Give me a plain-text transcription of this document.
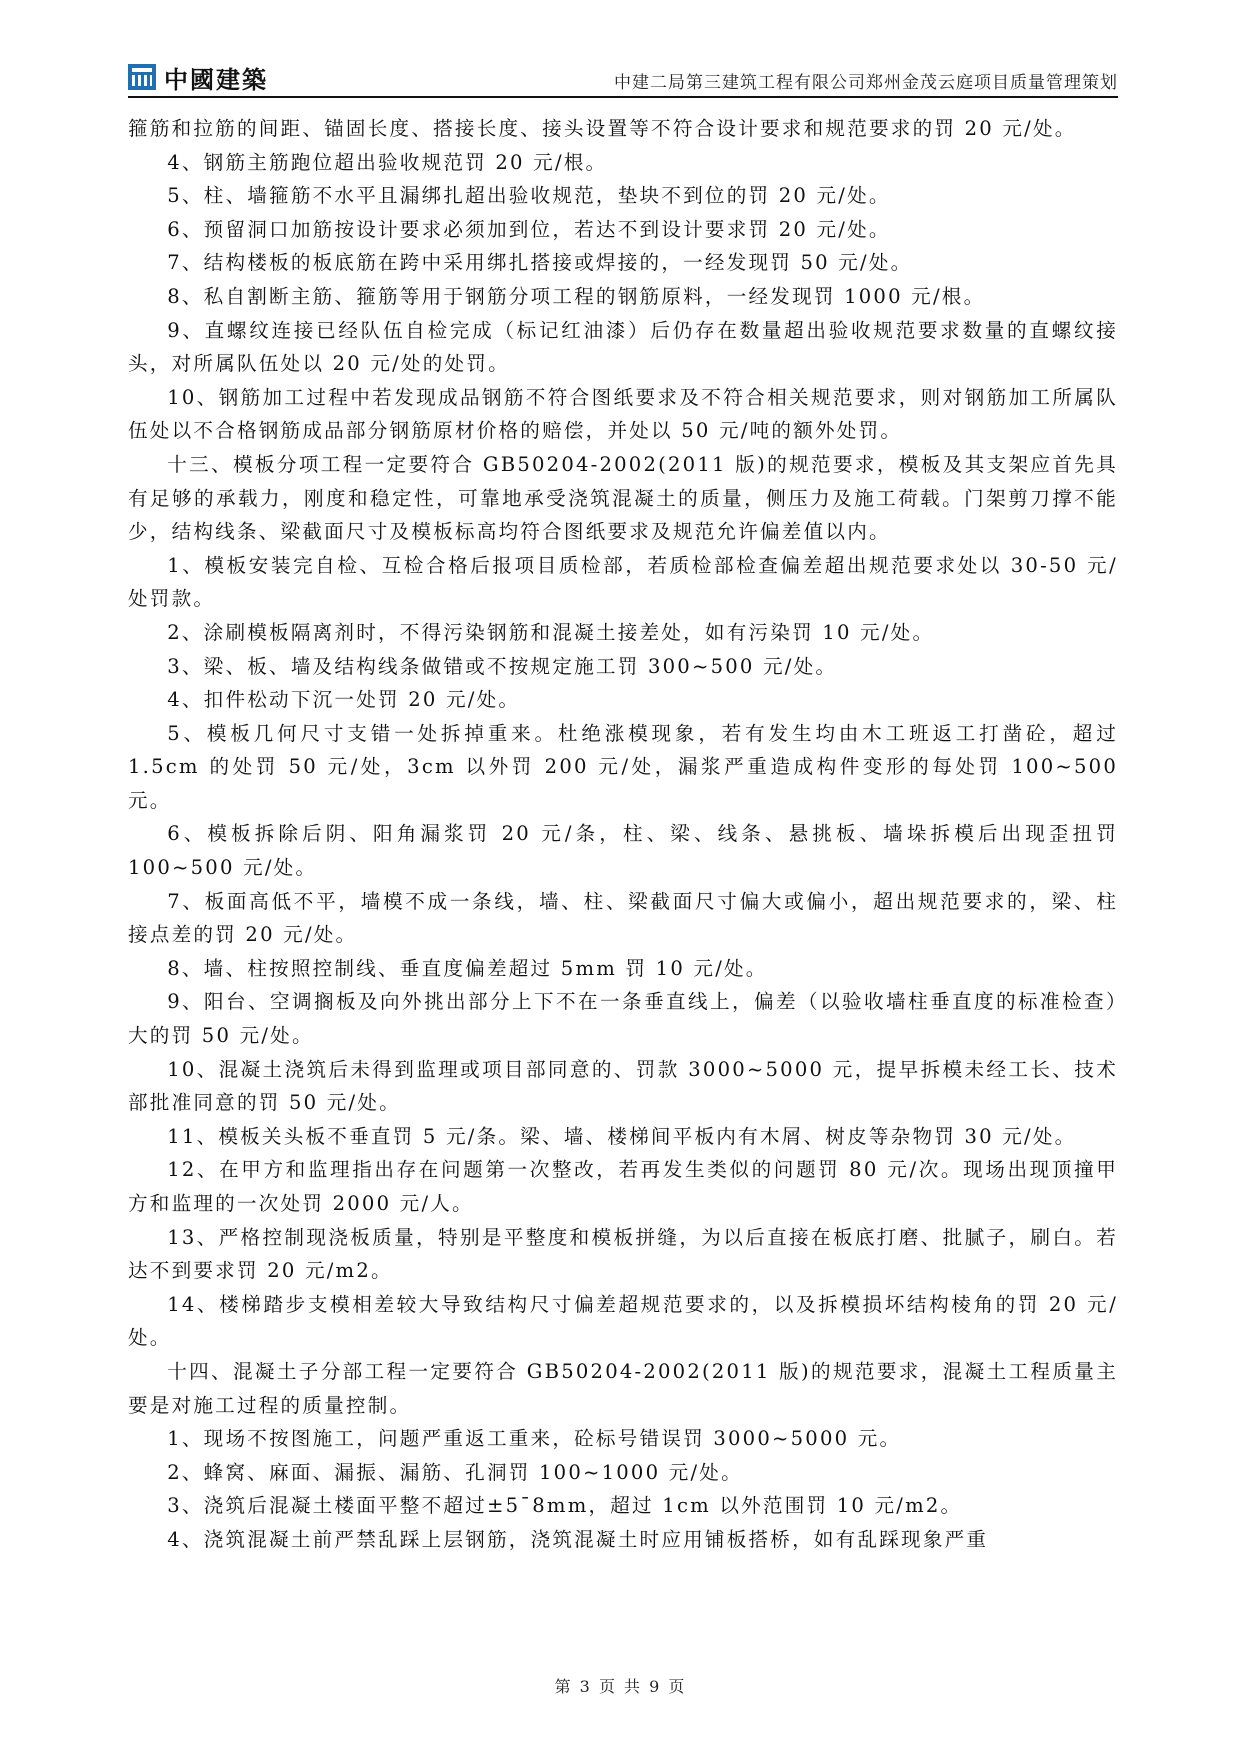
中國建築	中建二局第三建筑工程有限公司郑州金茂云庭项目质量管理策划

箍筋和拉筋的间距、锚固长度、搭接长度、接头设置等不符合设计要求和规范要求的罚 20 元/处。

4、钢筋主筋跑位超出验收规范罚 20 元/根。

5、柱、墙箍筋不水平且漏绑扎超出验收规范，垫块不到位的罚 20 元/处。

6、预留洞口加筋按设计要求必须加到位，若达不到设计要求罚 20 元/处。

7、结构楼板的板底筋在跨中采用绑扎搭接或焊接的，一经发现罚 50 元/处。

8、私自割断主筋、箍筋等用于钢筋分项工程的钢筋原料，一经发现罚 1000 元/根。

9、直螺纹连接已经队伍自检完成（标记红油漆）后仍存在数量超出验收规范要求数量的直螺纹接头，对所属队伍处以 20 元/处的处罚。

10、钢筋加工过程中若发现成品钢筋不符合图纸要求及不符合相关规范要求，则对钢筋加工所属队伍处以不合格钢筋成品部分钢筋原材价格的赔偿，并处以 50 元/吨的额外处罚。

十三、模板分项工程一定要符合 GB50204-2002(2011 版)的规范要求，模板及其支架应首先具有足够的承载力，刚度和稳定性，可靠地承受浇筑混凝土的质量，侧压力及施工荷载。门架剪刀撑不能少，结构线条、梁截面尺寸及模板标高均符合图纸要求及规范允许偏差值以内。

1、模板安装完自检、互检合格后报项目质检部，若质检部检查偏差超出规范要求处以 30-50 元/处罚款。

2、涂刷模板隔离剂时，不得污染钢筋和混凝土接差处，如有污染罚 10 元/处。

3、梁、板、墙及结构线条做错或不按规定施工罚 300~500 元/处。

4、扣件松动下沉一处罚 20 元/处。

5、模板几何尺寸支错一处拆掉重来。杜绝涨模现象，若有发生均由木工班返工打凿砼，超过 1.5cm 的处罚 50 元/处，3cm 以外罚 200 元/处，漏浆严重造成构件变形的每处罚 100~500 元。

6、模板拆除后阴、阳角漏浆罚 20 元/条，柱、梁、线条、悬挑板、墙垛拆模后出现歪扭罚 100~500 元/处。

7、板面高低不平，墙模不成一条线，墙、柱、梁截面尺寸偏大或偏小，超出规范要求的，梁、柱接点差的罚 20 元/处。

8、墙、柱按照控制线、垂直度偏差超过 5mm 罚 10 元/处。

9、阳台、空调搁板及向外挑出部分上下不在一条垂直线上，偏差（以验收墙柱垂直度的标准检查）大的罚 50 元/处。

10、混凝土浇筑后未得到监理或项目部同意的、罚款 3000~5000 元，提早拆模未经工长、技术部批准同意的罚 50 元/处。

11、模板关头板不垂直罚 5 元/条。梁、墙、楼梯间平板内有木屑、树皮等杂物罚 30 元/处。

12、在甲方和监理指出存在问题第一次整改，若再发生类似的问题罚 80 元/次。现场出现顶撞甲方和监理的一次处罚 2000 元/人。

13、严格控制现浇板质量，特别是平整度和模板拼缝，为以后直接在板底打磨、批腻子，刷白。若达不到要求罚 20 元/m2。

14、楼梯踏步支模相差较大导致结构尺寸偏差超规范要求的，以及拆模损坏结构棱角的罚 20 元/处。

十四、混凝土子分部工程一定要符合 GB50204-2002(2011 版)的规范要求，混凝土工程质量主要是对施工过程的质量控制。

1、现场不按图施工，问题严重返工重来，砼标号错误罚 3000~5000 元。

2、蜂窝、麻面、漏振、漏筋、孔洞罚 100~1000 元/处。

3、浇筑后混凝土楼面平整不超过±5¯8mm，超过 1cm 以外范围罚 10 元/m2。

4、浇筑混凝土前严禁乱踩上层钢筋，浇筑混凝土时应用铺板搭桥，如有乱踩现象严重

第 3 页 共 9 页
